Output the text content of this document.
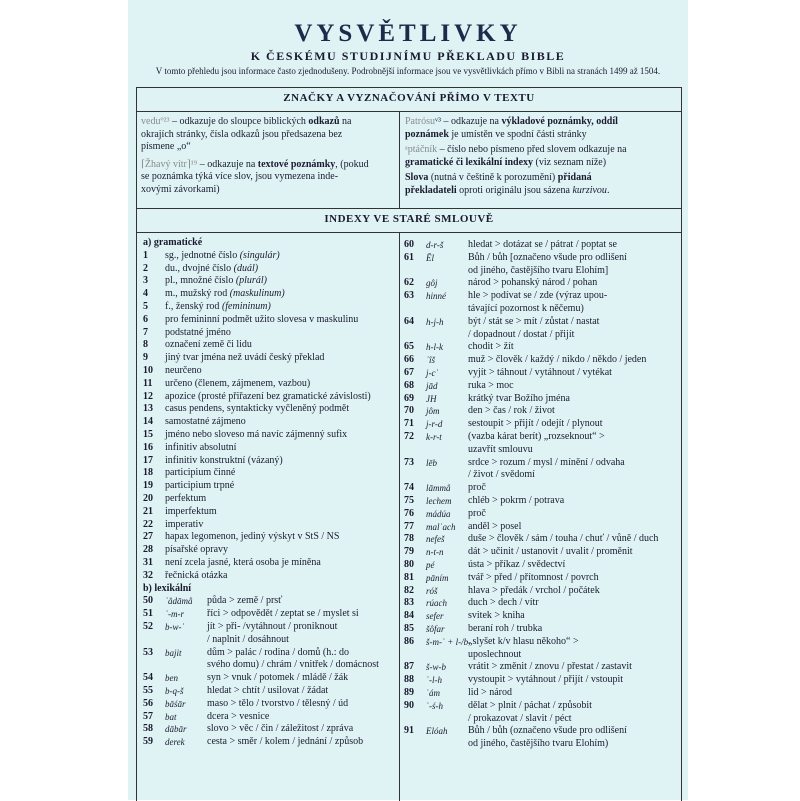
VYSVĚTLIVKY
K ČESKÉMU STUDIJNÍMU PŘEKLADU BIBLE
V tomto přehledu jsou informace často zjednodušeny. Podrobnější informace jsou ve vysvětlivkách přímo v Bibli na stranách 1499 až 1504.
ZNAČKY A VYZNAČOVÁNÍ PŘÍMO V TEXTU
veduº²³ – odkazuje do sloupce biblických odkazů na
okrajích stránky, čísla odkazů jsou předsazena bez
písmene „o“
⌈Žhavý vítr⌉¹⁹ – odkazuje na textové poznámky, (pokud
se poznámka týká více slov, jsou vymezena inde-
xovými závorkami)
Patrósuᵛ³ – odkazuje na výkladové poznámky, oddíl
poznámek je umístěn ve spodní části stránky
ᵃptáčník – číslo nebo písmeno před slovem odkazuje na
gramatické či lexikální indexy (viz seznam níže)
Slova (nutná v češtině k porozumění) přidaná
překladateli oproti originálu jsou sázena kurzivou.
INDEXY VE STARÉ SMLOUVĚ
a) gramatické
1 sg., jednotné číslo (singulár)
2 du., dvojné číslo (duál)
3 pl., množné číslo (plurál)
4 m., mužský rod (maskulinum)
5 f., ženský rod (femininum)
6 pro femininní podmět užito slovesa v maskulinu
7 podstatné jméno
8 označení země či lidu
9 jiný tvar jména než uvádí český překlad
10 neurčeno
11 určeno (členem, zájmenem, vazbou)
12 apozice (prosté přiřazení bez gramatické závislosti)
13 casus pendens, syntakticky vyčleněný podmět
14 samostatné zájmeno
15 jméno nebo sloveso má navíc zájmenný sufix
16 infinitiv absolutní
17 infinitiv konstruktní (vázaný)
18 participium činné
19 participium trpné
20 perfektum
21 imperfektum
22 imperativ
27 hapax legomenon, jediný výskyt v StS / NS
28 písařské opravy
31 není zcela jasné, která osoba je míněna
32 řečnická otázka
b) lexikální
50 ʾădāmâ půda > země / prsť
51 ʾ-m-r říci > odpovědět / zeptat se / myslet si
52 b-w-ʾ jít > při- /vytáhnout / proniknout
/ naplnit / dosáhnout
53 bajit	dům > palác / rodina / domů (h.: do
svého domu) / chrám / vnitřek / domácnost
54 ben	syn > vnuk / potomek / mládě / žák
55 b-q-š hledat > chtít / usilovat / žádat
56 bāśār maso > tělo / tvorstvo / tělesný / úd
57 bat	dcera > vesnice
58 dābār slovo > věc / čin / záležitost / zpráva
59 derek cesta > směr / kolem / jednání / způsob
60 d-r-š hledat > dotázat se / pátrat / poptat se
61 Ēl	Bůh / bůh [označeno všude pro odlišení
od jiného, častějšího tvaru Elohím]
62 gôj	národ > pohanský národ / pohan
63 hinné hle > podívat se / zde (výraz upou-
távající pozornost k něčemu)
64 h-j-h být / stát se > mít / zůstat / nastat
/ dopadnout / dostat / přijít
65 h-l-k	chodit > žít
66 ʾîš	muž > člověk / každý / nikdo / někdo / jeden
67 j-cʾ	vyjít > táhnout / vytáhnout / vytékat
68 jād	ruka > moc
69 JH	krátký tvar Božího jména
70 jôm	den > čas / rok / život
71 j-r-d	sestoupit > přijít / odejít / plynout
72 k-r-t	(vazba kárat berít) „rozseknout“ >
uzavřít smlouvu
73 lēb	srdce > rozum / mysl / mínění / odvaha
/ život / svědomí
74 lāmmâ proč
75 lechem chléb > pokrm / potrava
76 mádúa proč
77 malʾach anděl > posel
78 nefeš duše > člověk / sám / touha / chuť / vůně / duch
79 n-t-n dát > učinit / ustanovit / uvalit / proměnit
80 pé	ústa > příkaz / svědectví
81 pāním tvář > před / přítomnost / povrch
82 róš	hlava > předák / vrchol / počátek
83 rúach duch > dech / vítr
84 sefer svitek > kniha
85 šôfar beraní roh / trubka
86 š-m-ʿ + l-/b-
„slyšet k/v hlasu někoho“ >
uposlechnout
87 š-w-b vrátit > změnit / znovu / přestat / zastavit
88 ʿ-l-h	vystoupit > vytáhnout / přijít / vstoupit
89 ʿám	lid > národ
90 ʿ-ś-h	dělat > plnit / páchat / způsobit
/ prokazovat / slavit / péct
91 Elóah Bůh / bůh (označeno všude pro odlišení
od jiného, častějšího tvaru Elohím)
